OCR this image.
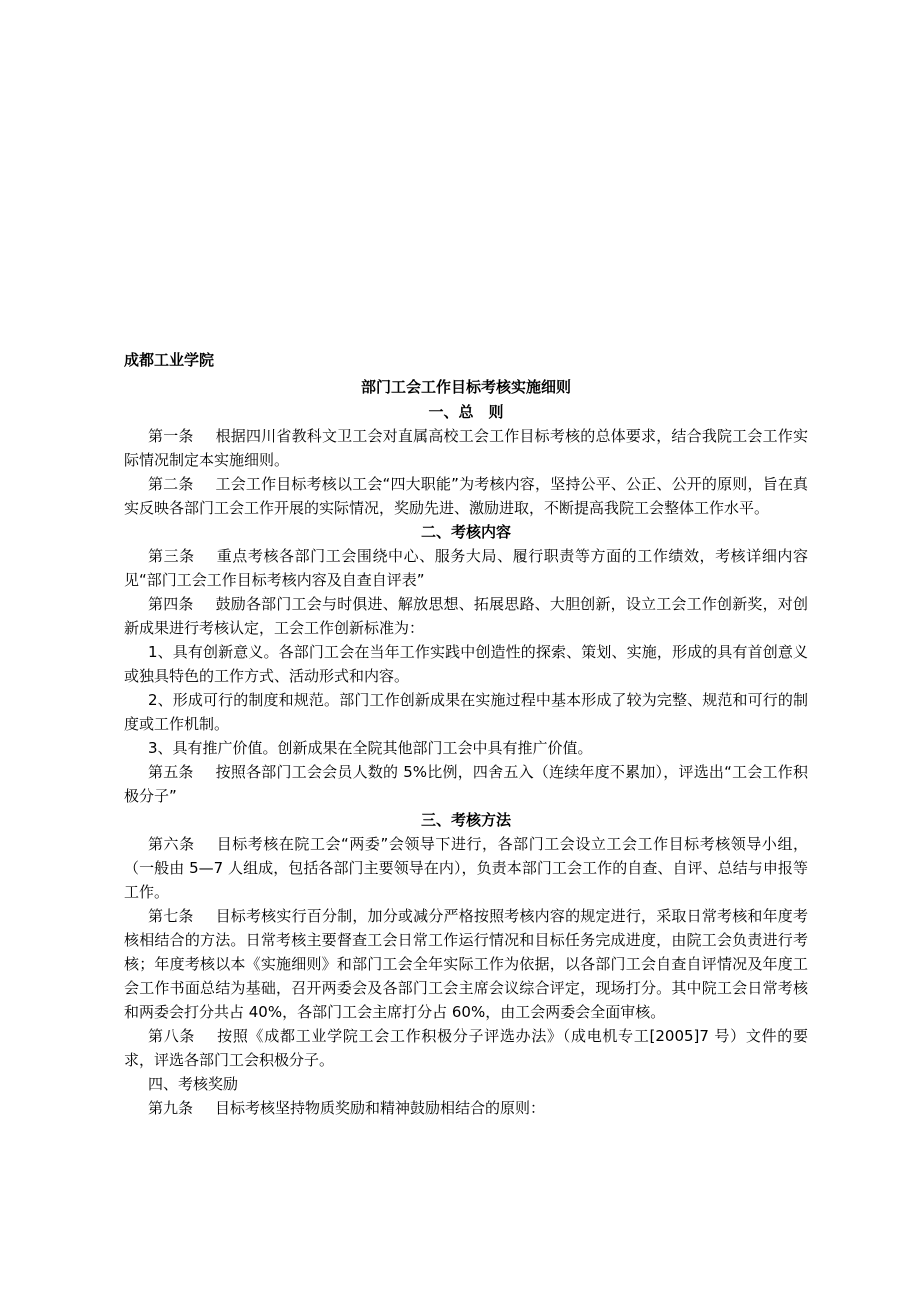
成都工业学院

部门工会工作目标考核实施细则

一、总　则

第一条 根据四川省教科文卫工会对直属高校工会工作目标考核的总体要求，结合我院工会工作实际情况制定本实施细则。

第二条 工会工作目标考核以工会“四大职能”为考核内容，坚持公平、公正、公开的原则，旨在真实反映各部门工会工作开展的实际情况，奖励先进、激励进取，不断提高我院工会整体工作水平。

二、考核内容

第三条 重点考核各部门工会围绕中心、服务大局、履行职责等方面的工作绩效，考核详细内容见“部门工会工作目标考核内容及自查自评表”

第四条 鼓励各部门工会与时俱进、解放思想、拓展思路、大胆创新，设立工会工作创新奖，对创新成果进行考核认定，工会工作创新标准为：

1、具有创新意义。各部门工会在当年工作实践中创造性的探索、策划、实施，形成的具有首创意义或独具特色的工作方式、活动形式和内容。

2、形成可行的制度和规范。部门工作创新成果在实施过程中基本形成了较为完整、规范和可行的制度或工作机制。

3、具有推广价值。创新成果在全院其他部门工会中具有推广价值。

第五条 按照各部门工会会员人数的 5%比例，四舍五入（连续年度不累加），评选出“工会工作积极分子”

三、考核方法

第六条 目标考核在院工会“两委”会领导下进行，各部门工会设立工会工作目标考核领导小组，（一般由 5—7 人组成，包括各部门主要领导在内），负责本部门工会工作的自查、自评、总结与申报等工作。

第七条 目标考核实行百分制，加分或减分严格按照考核内容的规定进行，采取日常考核和年度考核相结合的方法。日常考核主要督查工会日常工作运行情况和目标任务完成进度，由院工会负责进行考核；年度考核以本《实施细则》和部门工会全年实际工作为依据，以各部门工会自查自评情况及年度工会工作书面总结为基础，召开两委会及各部门工会主席会议综合评定，现场打分。其中院工会日常考核和两委会打分共占 40%，各部门工会主席打分占 60%，由工会两委会全面审核。

第八条 按照《成都工业学院工会工作积极分子评选办法》（成电机专工[2005]7 号）文件的要求，评选各部门工会积极分子。

四、考核奖励

第九条 目标考核坚持物质奖励和精神鼓励相结合的原则：
